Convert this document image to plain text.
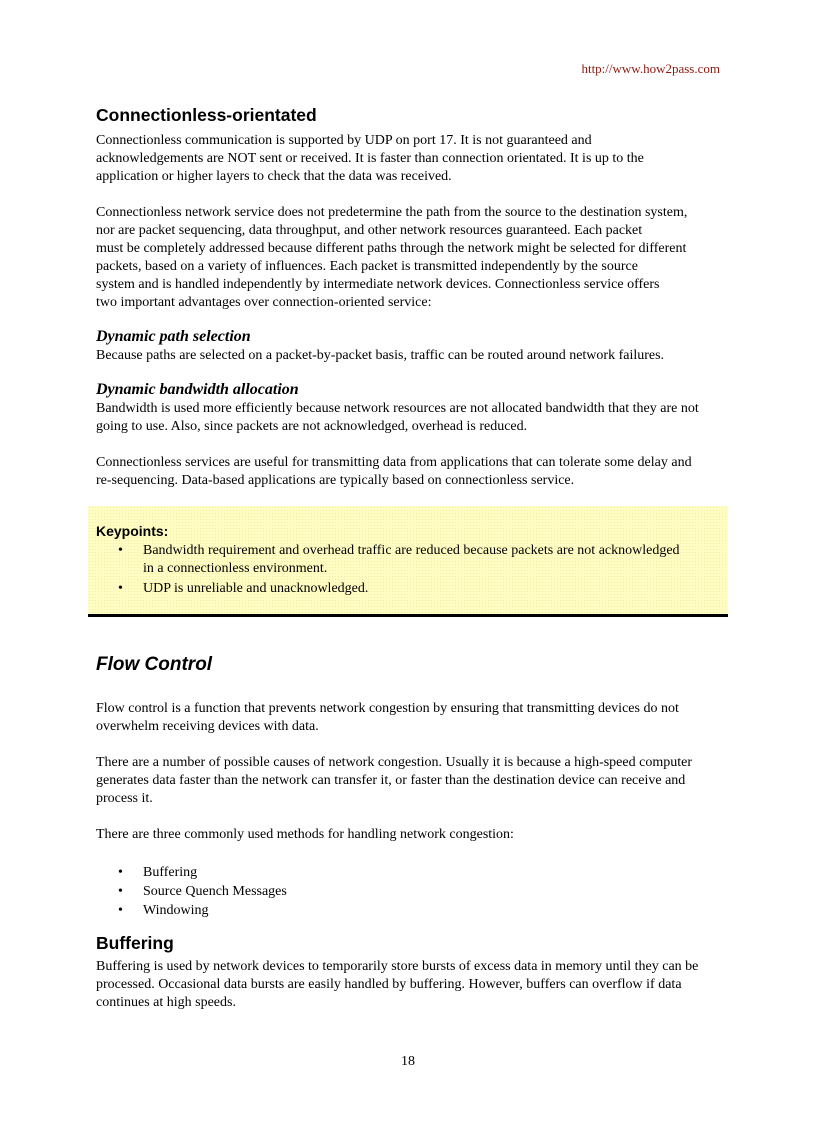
http://www.how2pass.com
Connectionless-orientated

Connectionless communication is supported by UDP on port 17. It is not guaranteed and acknowledgements are NOT sent or received. It is faster than connection orientated. It is up to the application or higher layers to check that the data was received.

Connectionless network service does not predetermine the path from the source to the destination system,
nor are packet sequencing, data throughput, and other network resources guaranteed. Each packet
must be completely addressed because different paths through the network might be selected for different
packets, based on a variety of influences. Each packet is transmitted independently by the source
system and is handled independently by intermediate network devices. Connectionless service offers
two important advantages over connection-oriented service:

Dynamic path selection

Because paths are selected on a packet-by-packet basis, traffic can be routed around network failures.

Dynamic bandwidth allocation

Bandwidth is used more efficiently because network resources are not allocated bandwidth that they are not going to use. Also, since packets are not acknowledged, overhead is reduced.

Connectionless services are useful for transmitting data from applications that can tolerate some delay and re-sequencing. Data-based applications are typically based on connectionless service.

Keypoints:
• Bandwidth requirement and overhead traffic are reduced because packets are not acknowledged in a connectionless environment.
• UDP is unreliable and unacknowledged.
Flow Control

Flow control is a function that prevents network congestion by ensuring that transmitting devices do not overwhelm receiving devices with data.

There are a number of possible causes of network congestion. Usually it is because a high-speed computer generates data faster than the network can transfer it, or faster than the destination device can receive and process it.

There are three commonly used methods for handling network congestion:

• Buffering
• Source Quench Messages
• Windowing
Buffering

Buffering is used by network devices to temporarily store bursts of excess data in memory until they can be processed. Occasional data bursts are easily handled by buffering. However, buffers can overflow if data continues at high speeds.

18
